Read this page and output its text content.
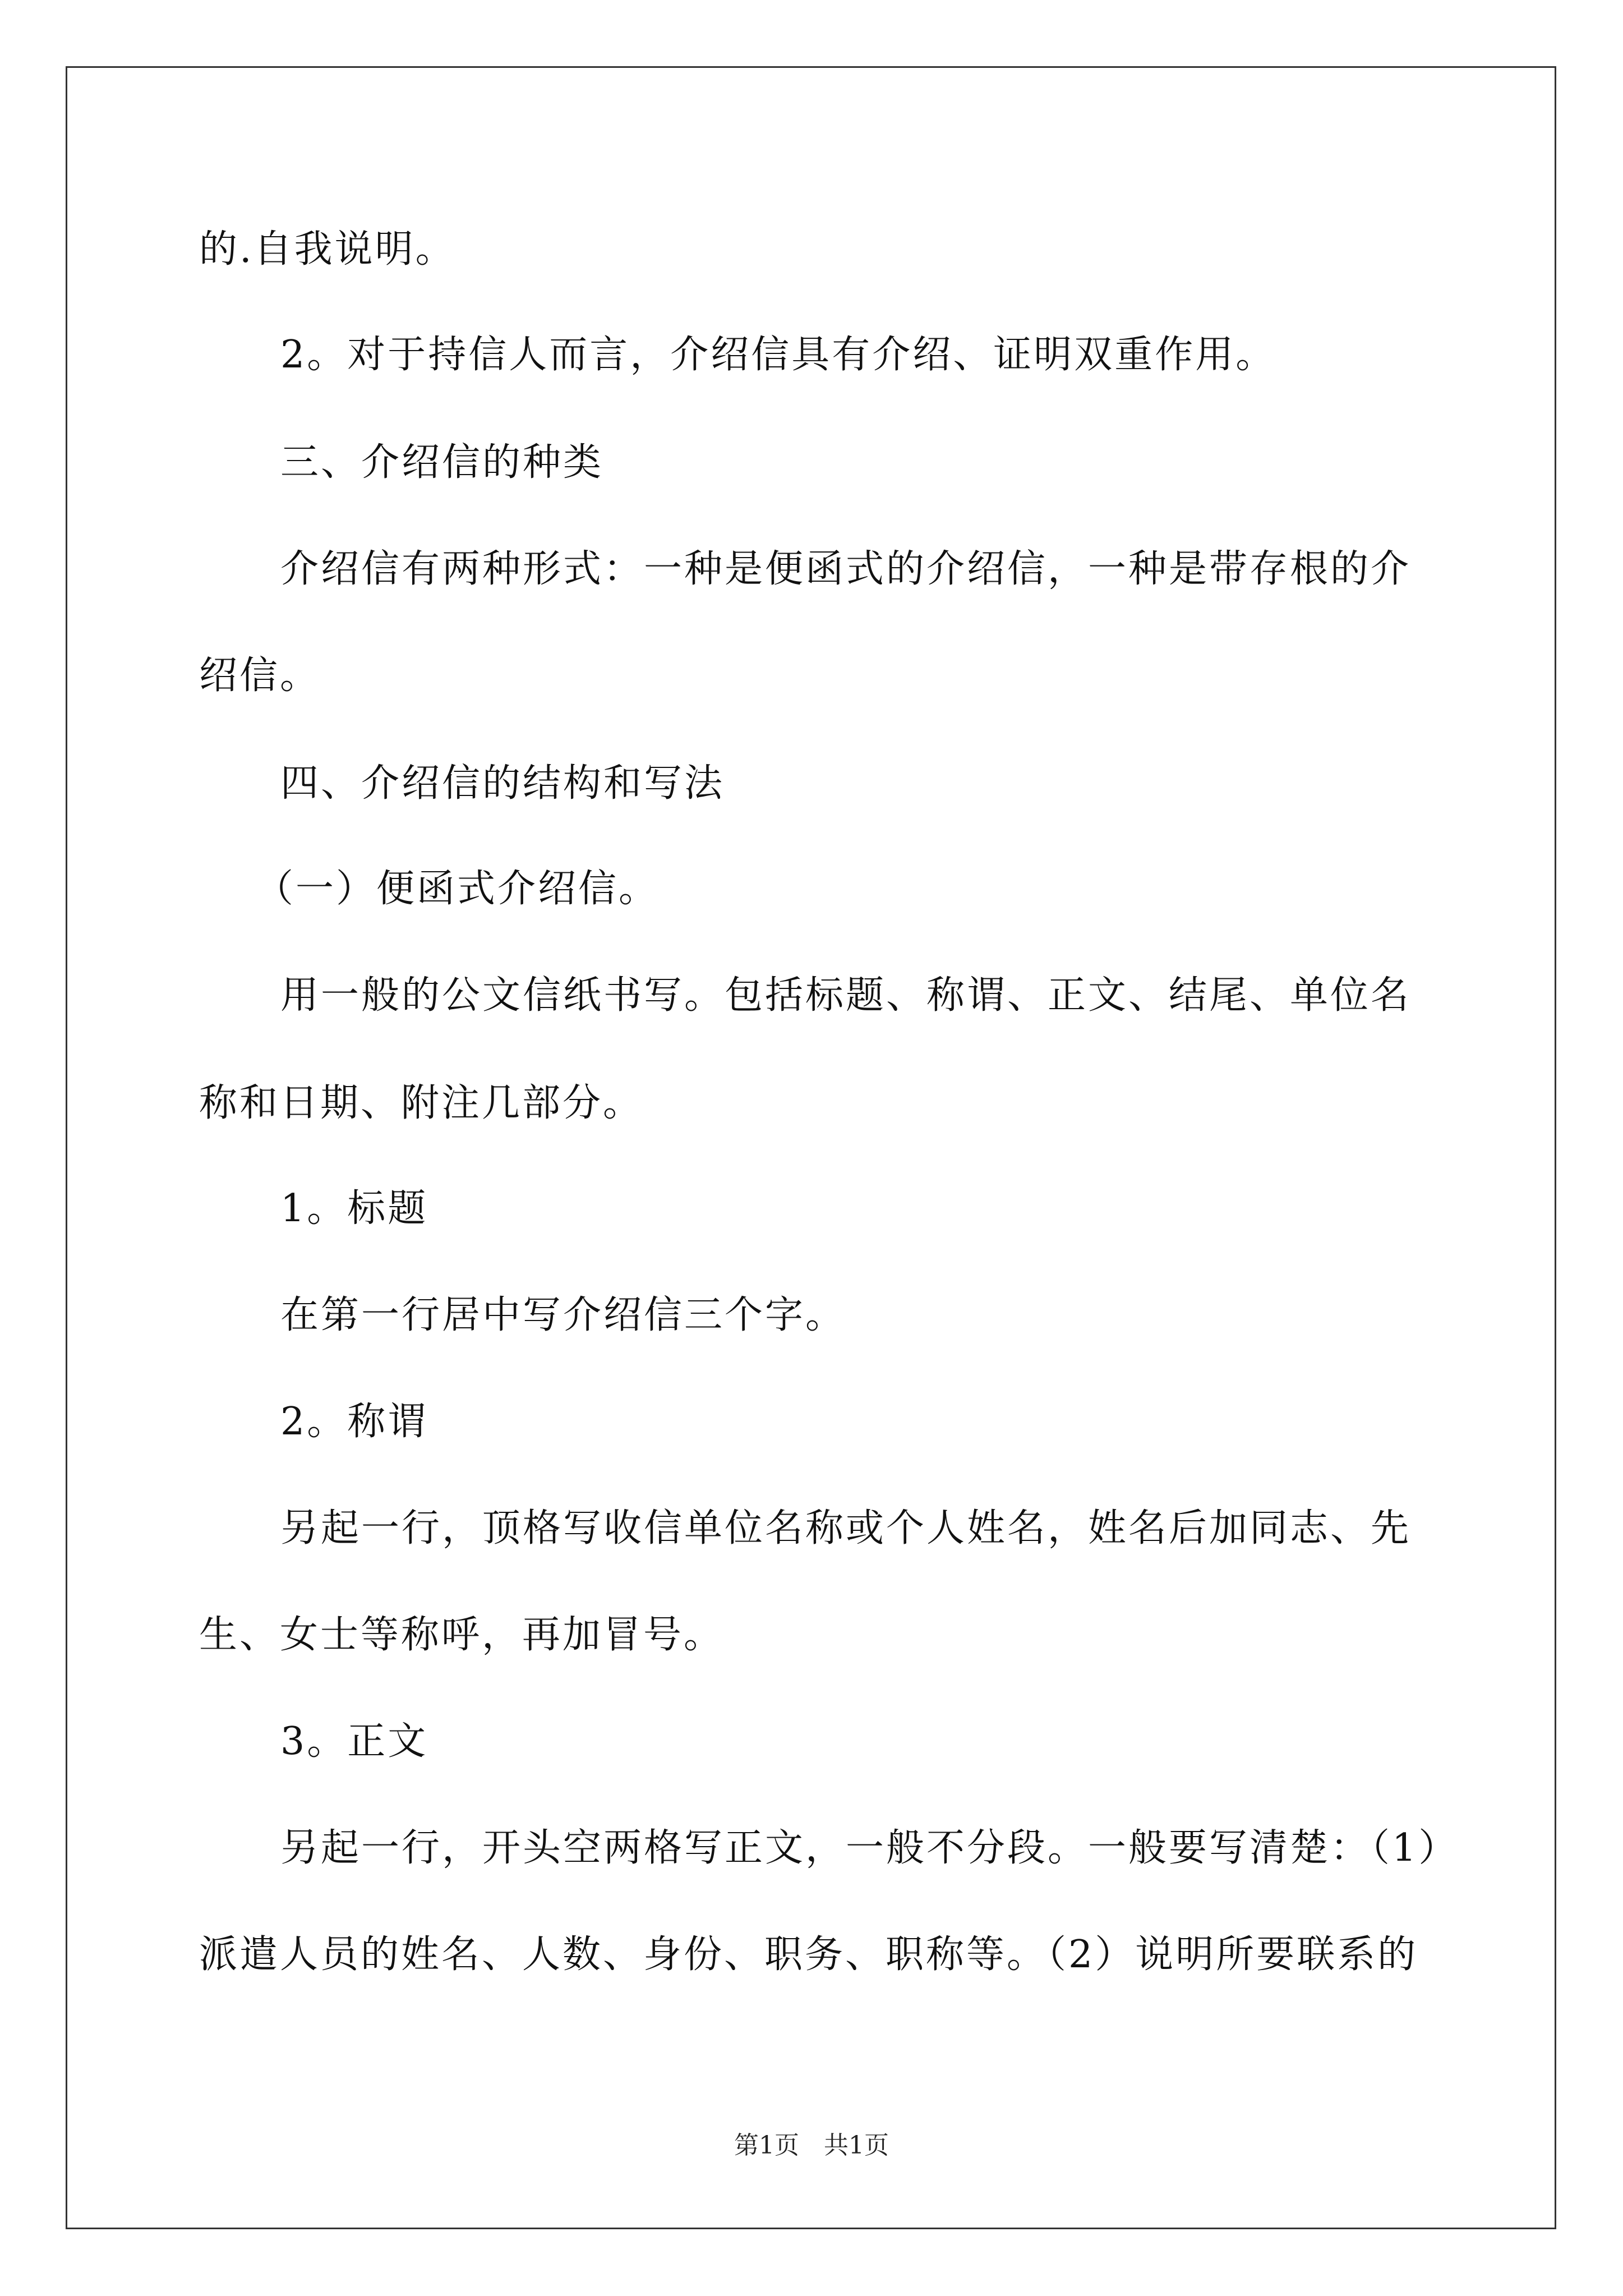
的.自我说明。
2。对于持信人而言，介绍信具有介绍、证明双重作用。
三、介绍信的种类
介绍信有两种形式：一种是便函式的介绍信，一种是带存根的介
绍信。
四、介绍信的结构和写法
（一）便函式介绍信。
用一般的公文信纸书写。包括标题、称谓、正文、结尾、单位名
称和日期、附注几部分。
1。标题
在第一行居中写介绍信三个字。
2。称谓
另起一行，顶格写收信单位名称或个人姓名，姓名后加同志、先
生、女士等称呼，再加冒号。
3。正文
另起一行，开头空两格写正文，一般不分段。一般要写清楚：（1）
派遣人员的姓名、人数、身份、职务、职称等。（2）说明所要联系的
第1页　共1页
